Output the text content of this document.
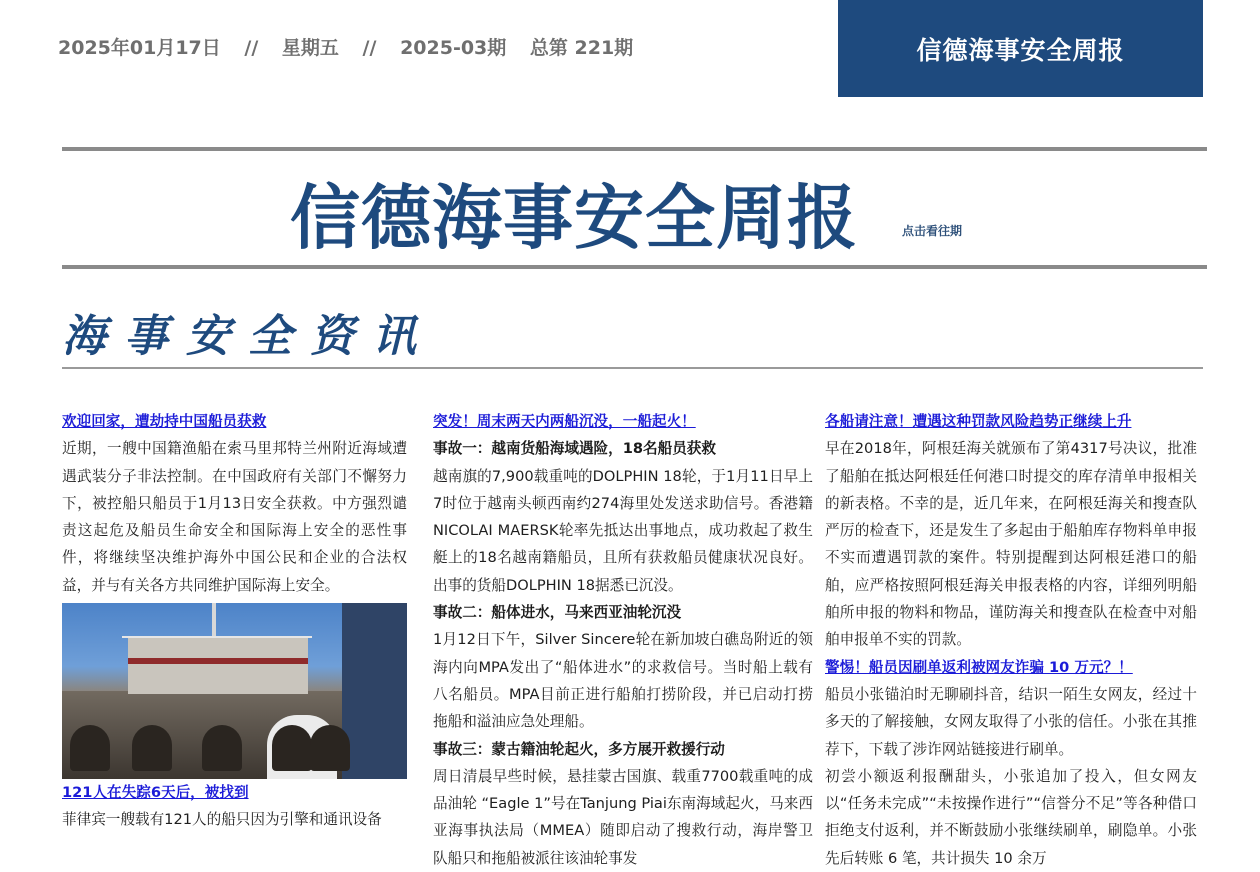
2025年01月17日 // 星期五 // 2025-03期 总第 221期	信德海事安全周报
信德海事安全周报	点击看往期
海事安全资讯
欢迎回家，遭劫持中国船员获救

近期，一艘中国籍渔船在索马里邦特兰州附近海域遭遇武装分子非法控制。在中国政府有关部门不懈努力下，被控船只船员于1月13日安全获救。中方强烈谴责这起危及船员生命安全和国际海上安全的恶性事件，将继续坚决维护海外中国公民和企业的合法权益，并与有关各方共同维护国际海上安全。

121人在失踪6天后，被找到

菲律宾一艘载有121人的船只因为引擎和通讯设备

突发！周末两天内两船沉没，一船起火！

事故一：越南货船海域遇险，18名船员获救

越南旗的7,900载重吨的DOLPHIN 18轮，于1月11日早上7时位于越南头顿西南约274海里处发送求助信号。香港籍NICOLAI MAERSK轮率先抵达出事地点，成功救起了救生艇上的18名越南籍船员，且所有获救船员健康状况良好。出事的货船DOLPHIN 18据悉已沉没。

事故二：船体进水，马来西亚油轮沉没

1月12日下午，Silver Sincere轮在新加坡白礁岛附近的领海内向MPA发出了“船体进水”的求救信号。当时船上载有八名船员。MPA目前正进行船舶打捞阶段，并已启动打捞拖船和溢油应急处理船。

事故三：蒙古籍油轮起火，多方展开救援行动

周日清晨早些时候，悬挂蒙古国旗、载重7700载重吨的成品油轮 “Eagle 1”号在Tanjung Piai东南海域起火，马来西亚海事执法局（MMEA）随即启动了搜救行动，海岸警卫队船只和拖船被派往该油轮事发

各船请注意！遭遇这种罚款风险趋势正继续上升

早在2018年，阿根廷海关就颁布了第4317号决议，批准了船舶在抵达阿根廷任何港口时提交的库存清单申报相关的新表格。不幸的是，近几年来，在阿根廷海关和搜查队严厉的检查下，还是发生了多起由于船舶库存物料单申报不实而遭遇罚款的案件。特别提醒到达阿根廷港口的船舶，应严格按照阿根廷海关申报表格的内容，详细列明船舶所申报的物料和物品，谨防海关和搜查队在检查中对船舶申报单不实的罚款。

警惕！船员因刷单返利被网友诈骗 10 万元？！

船员小张锚泊时无聊刷抖音，结识一陌生女网友，经过十多天的了解接触，女网友取得了小张的信任。小张在其推荐下，下载了涉诈网站链接进行刷单。

初尝小额返利报酬甜头，小张追加了投入，但女网友以“任务未完成”“未按操作进行”“信誉分不足”等各种借口拒绝支付返利，并不断鼓励小张继续刷单，刷隐单。小张先后转账 6 笔，共计损失 10 余万
